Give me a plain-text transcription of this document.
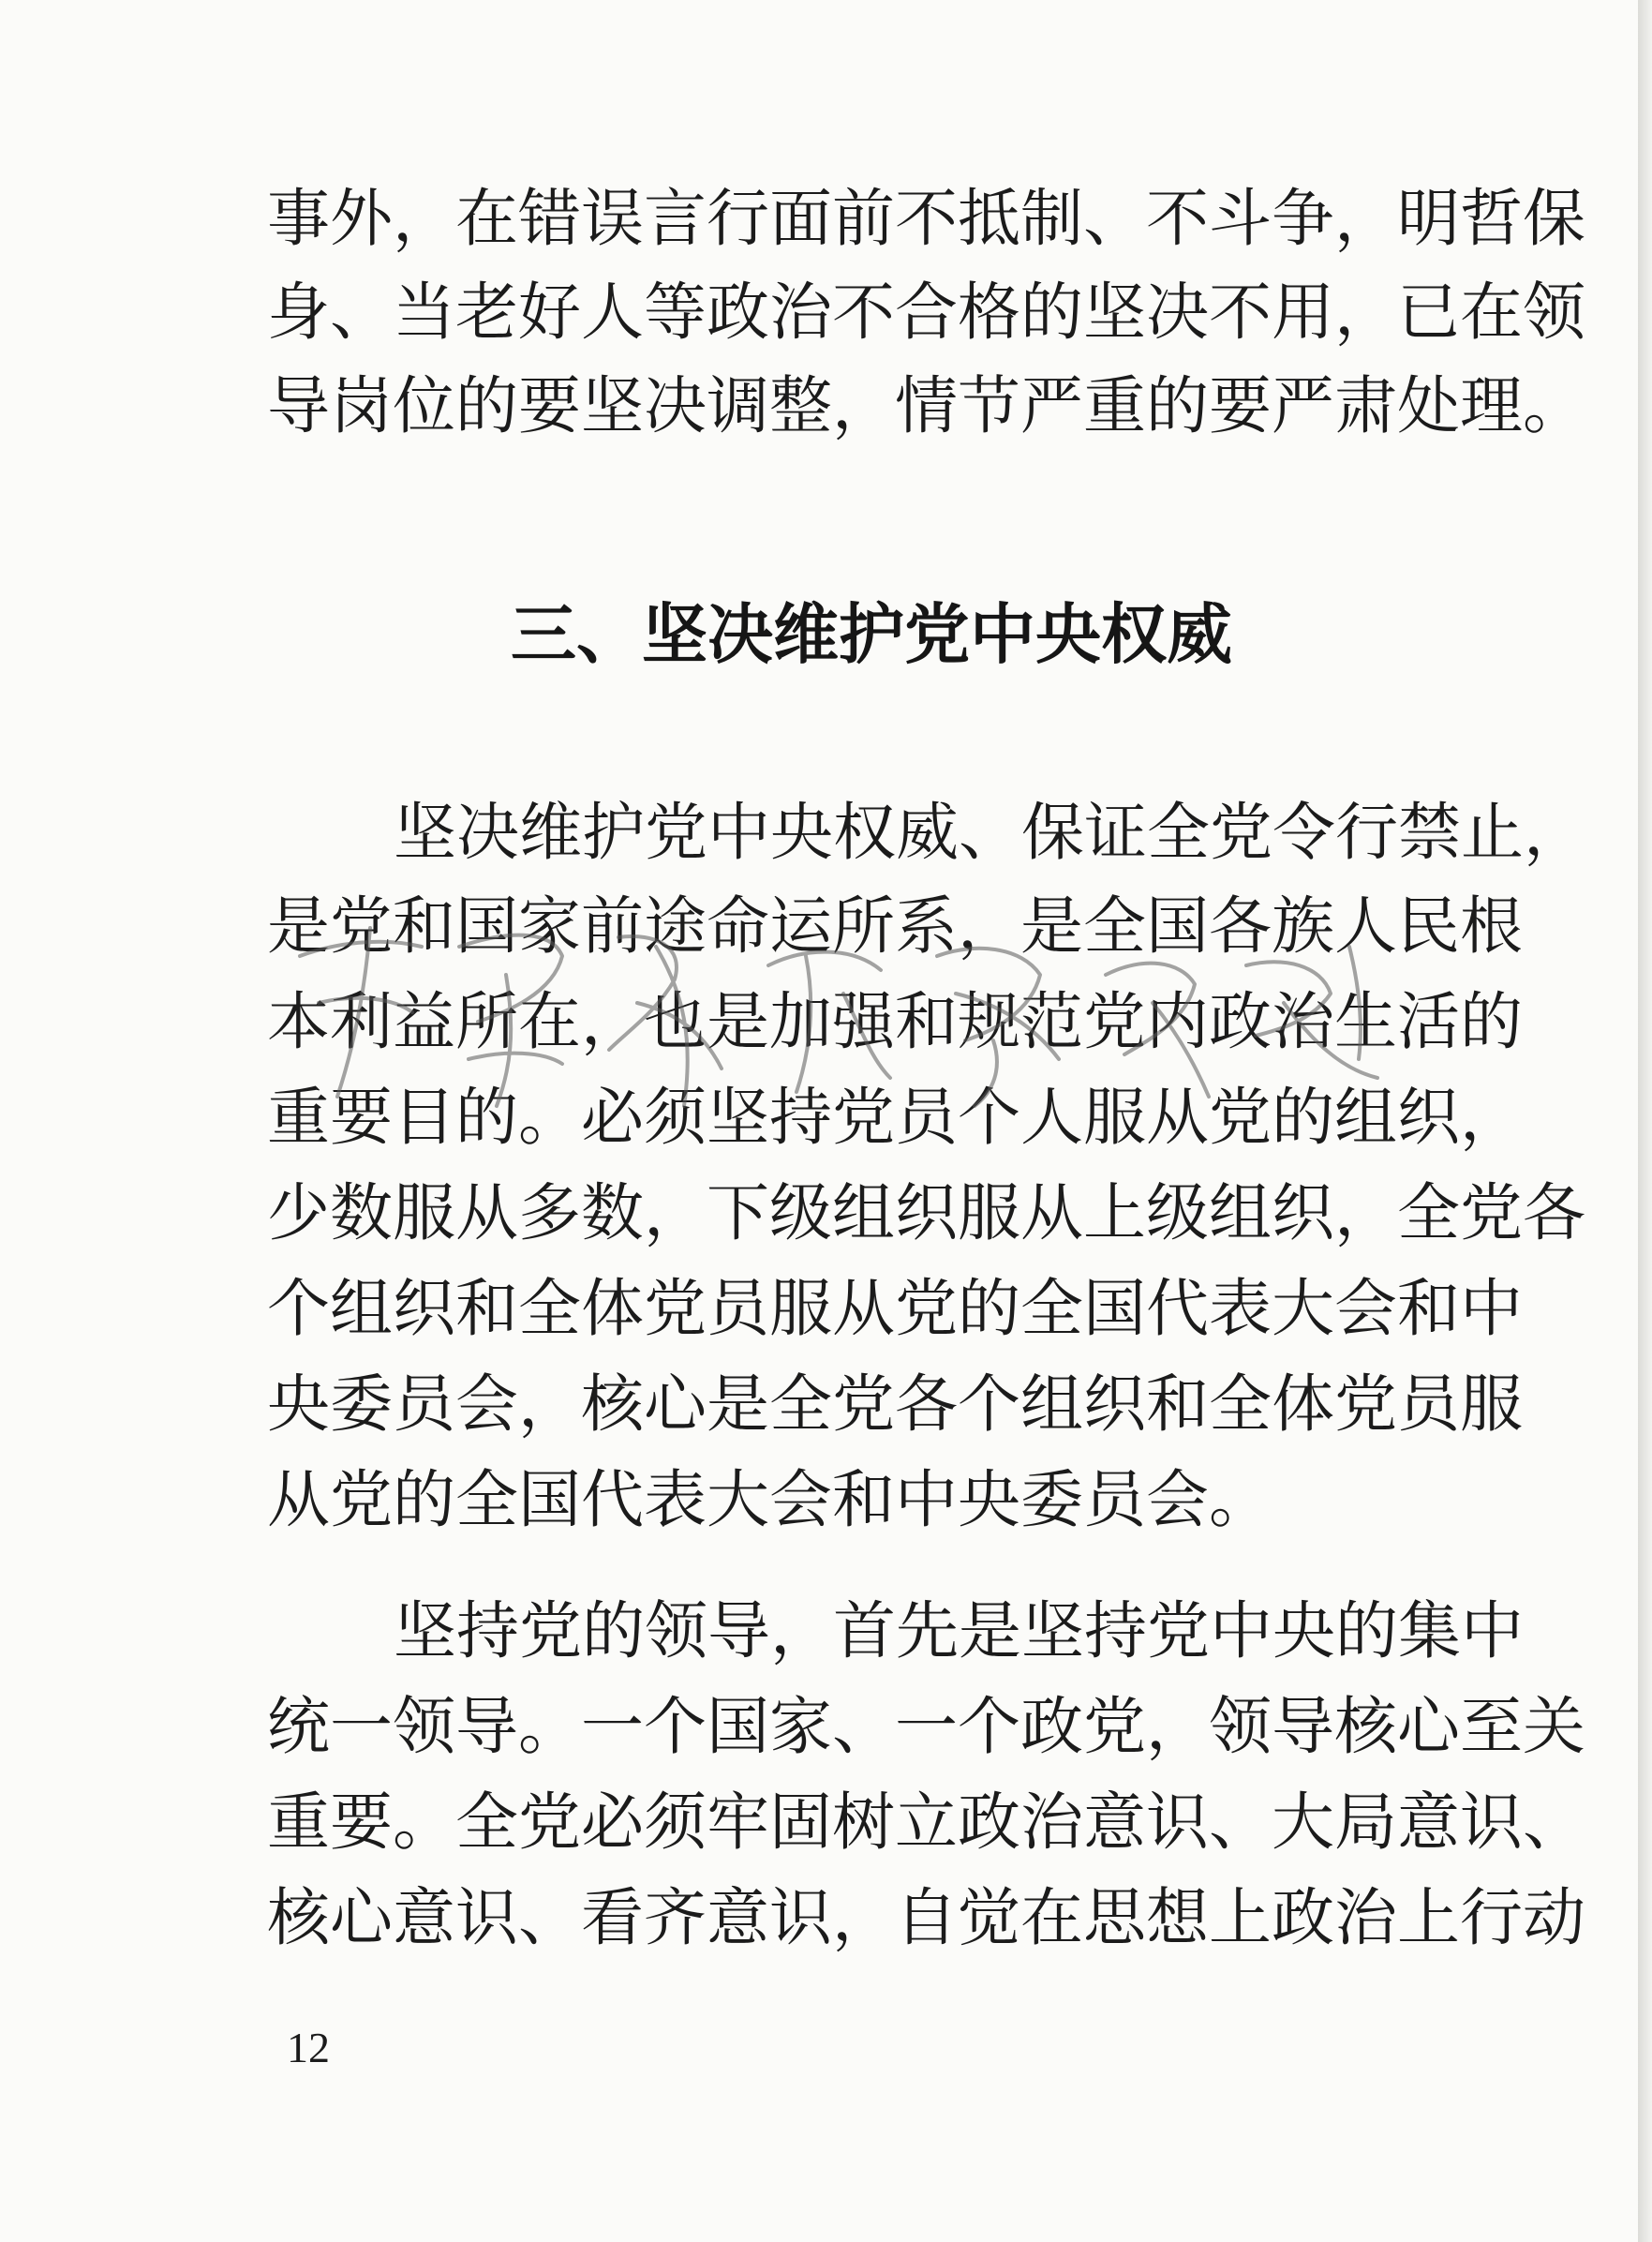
事外，在错误言行面前不抵制、不斗争，明哲保

身、当老好人等政治不合格的坚决不用，已在领

导岗位的要坚决调整，情节严重的要严肃处理。

三、坚决维护党中央权威

坚决维护党中央权威、保证全党令行禁止，

是党和国家前途命运所系，是全国各族人民根

本利益所在，也是加强和规范党内政治生活的

重要目的。必须坚持党员个人服从党的组织，

少数服从多数，下级组织服从上级组织，全党各

个组织和全体党员服从党的全国代表大会和中

央委员会，核心是全党各个组织和全体党员服

从党的全国代表大会和中央委员会。

坚持党的领导，首先是坚持党中央的集中

统一领导。一个国家、一个政党，领导核心至关

重要。全党必须牢固树立政治意识、大局意识、

核心意识、看齐意识，自觉在思想上政治上行动

12
